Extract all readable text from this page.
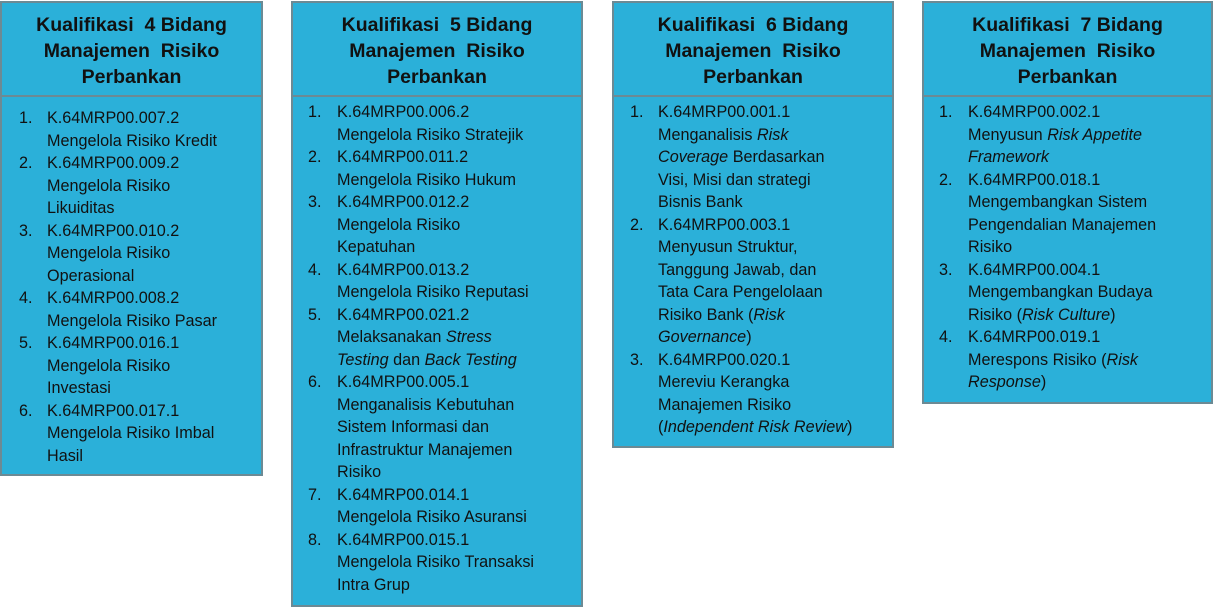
Kualifikasi  4 Bidang
Manajemen  Risiko
Perbankan
1. K.64MRP00.007.2
Mengelola Risiko Kredit
2. K.64MRP00.009.2
Mengelola Risiko
Likuiditas
3. K.64MRP00.010.2
Mengelola Risiko
Operasional
4. K.64MRP00.008.2
Mengelola Risiko Pasar
5. K.64MRP00.016.1
Mengelola Risiko
Investasi
6. K.64MRP00.017.1
Mengelola Risiko Imbal
Hasil
Kualifikasi  5 Bidang
Manajemen  Risiko
Perbankan
1. K.64MRP00.006.2
Mengelola Risiko Stratejik
2. K.64MRP00.011.2
Mengelola Risiko Hukum
3. K.64MRP00.012.2
Mengelola Risiko
Kepatuhan
4. K.64MRP00.013.2
Mengelola Risiko Reputasi
5. K.64MRP00.021.2
Melaksanakan Stress
Testing dan Back Testing
6. K.64MRP00.005.1
Menganalisis Kebutuhan
Sistem Informasi dan
Infrastruktur Manajemen
Risiko
7. K.64MRP00.014.1
Mengelola Risiko Asuransi
8. K.64MRP00.015.1
Mengelola Risiko Transaksi
Intra Grup
Kualifikasi  6 Bidang
Manajemen  Risiko
Perbankan
1. K.64MRP00.001.1
Menganalisis Risk
Coverage Berdasarkan
Visi, Misi dan strategi
Bisnis Bank
2. K.64MRP00.003.1
Menyusun Struktur,
Tanggung Jawab, dan
Tata Cara Pengelolaan
Risiko Bank (Risk
Governance)
3. K.64MRP00.020.1
Mereviu Kerangka
Manajemen Risiko
(Independent Risk Review)
Kualifikasi  7 Bidang
Manajemen  Risiko
Perbankan
1. K.64MRP00.002.1
Menyusun Risk Appetite
Framework
2. K.64MRP00.018.1
Mengembangkan Sistem
Pengendalian Manajemen
Risiko
3. K.64MRP00.004.1
Mengembangkan Budaya
Risiko (Risk Culture)
4. K.64MRP00.019.1
Merespons Risiko (Risk
Response)
